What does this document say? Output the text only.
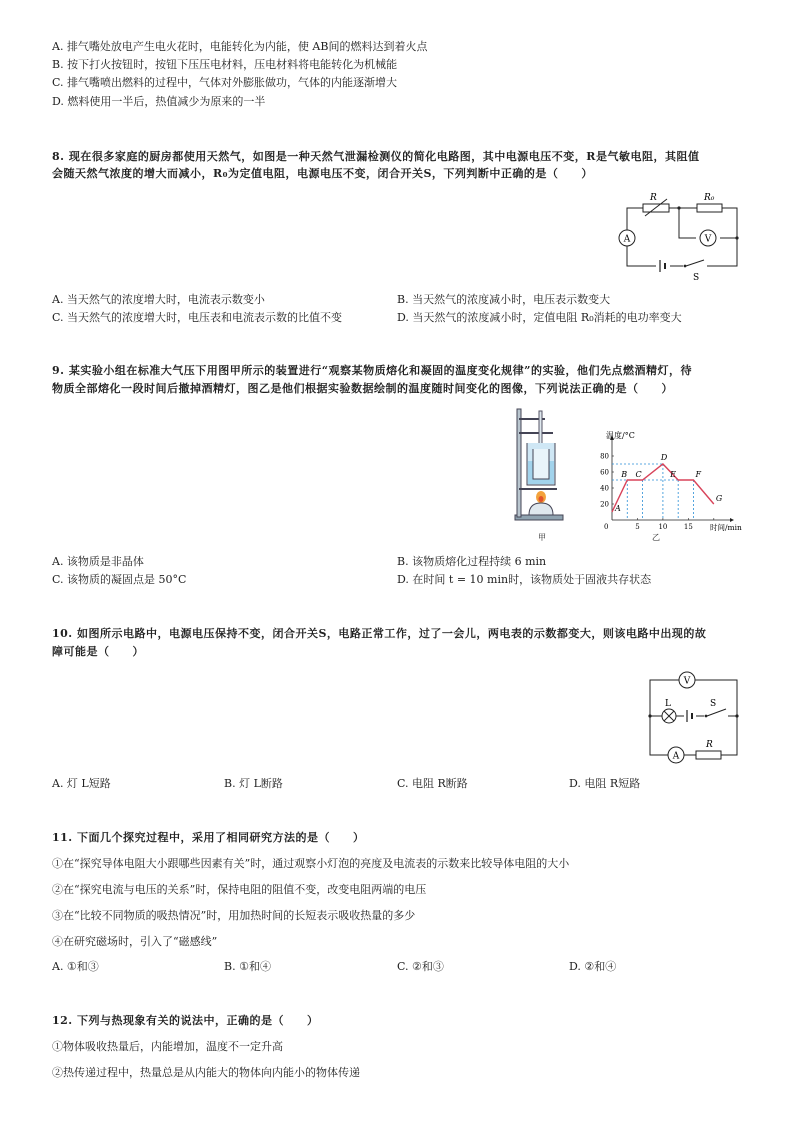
A. 排气嘴处放电产生电火花时，电能转化为内能，使 AB间的燃料达到着火点
B. 按下打火按钮时，按钮下压压电材料，压电材料将电能转化为机械能
C. 排气嘴喷出燃料的过程中，气体对外膨胀做功，气体的内能逐渐增大
D. 燃料使用一半后，热值减少为原来的一半
8. 现在很多家庭的厨房都使用天然气，如图是一种天然气泄漏检测仪的简化电路图，其中电源电压不变，R是气敏电阻，其阻值
会随天然气浓度的增大而减小，R₀为定值电阻，电源电压不变，闭合开关S，下列判断中正确的是（　　）
R	R₀
V
A
S
A. 当天然气的浓度增大时，电流表示数变小	B. 当天然气的浓度减小时，电压表示数变大
C. 当天然气的浓度增大时，电压表和电流表示数的比值不变	D. 当天然气的浓度减小时，定值电阻 R₀消耗的电功率变大
9. 某实验小组在标准大气压下用图甲所示的装置进行“观察某物质熔化和凝固的温度变化规律”的实验，他们先点燃酒精灯，待
物质全部熔化一段时间后撤掉酒精灯，图乙是他们根据实验数据绘制的温度随时间变化的图像，下列说法正确的是（　　）
甲
温度/°C
时间/min
0
20
40
60
80
5	10 15
A
B C
D
E F
G
乙
A. 该物质是非晶体	B. 该物质熔化过程持续 6 min
C. 该物质的凝固点是 50°C	D. 在时间 t = 10 min时，该物质处于固液共存状态
10. 如图所示电路中，电源电压保持不变，闭合开关S，电路正常工作，过了一会儿，两电表的示数都变大，则该电路中出现的故
障可能是（　　）
V
L	S
A
R
A. 灯 L短路	B. 灯 L断路	C. 电阻 R断路	D. 电阻 R短路
11. 下面几个探究过程中，采用了相同研究方法的是（　　）
①在“探究导体电阻大小跟哪些因素有关”时，通过观察小灯泡的亮度及电流表的示数来比较导体电阻的大小
②在“探究电流与电压的关系”时，保持电阻的阻值不变，改变电阻两端的电压
③在“比较不同物质的吸热情况”时，用加热时间的长短表示吸收热量的多少
④在研究磁场时，引入了“磁感线”
A. ①和③	B. ①和④	C. ②和③	D. ②和④
12. 下列与热现象有关的说法中，正确的是（　　）
①物体吸收热量后，内能增加，温度不一定升高
②热传递过程中，热量总是从内能大的物体向内能小的物体传递
